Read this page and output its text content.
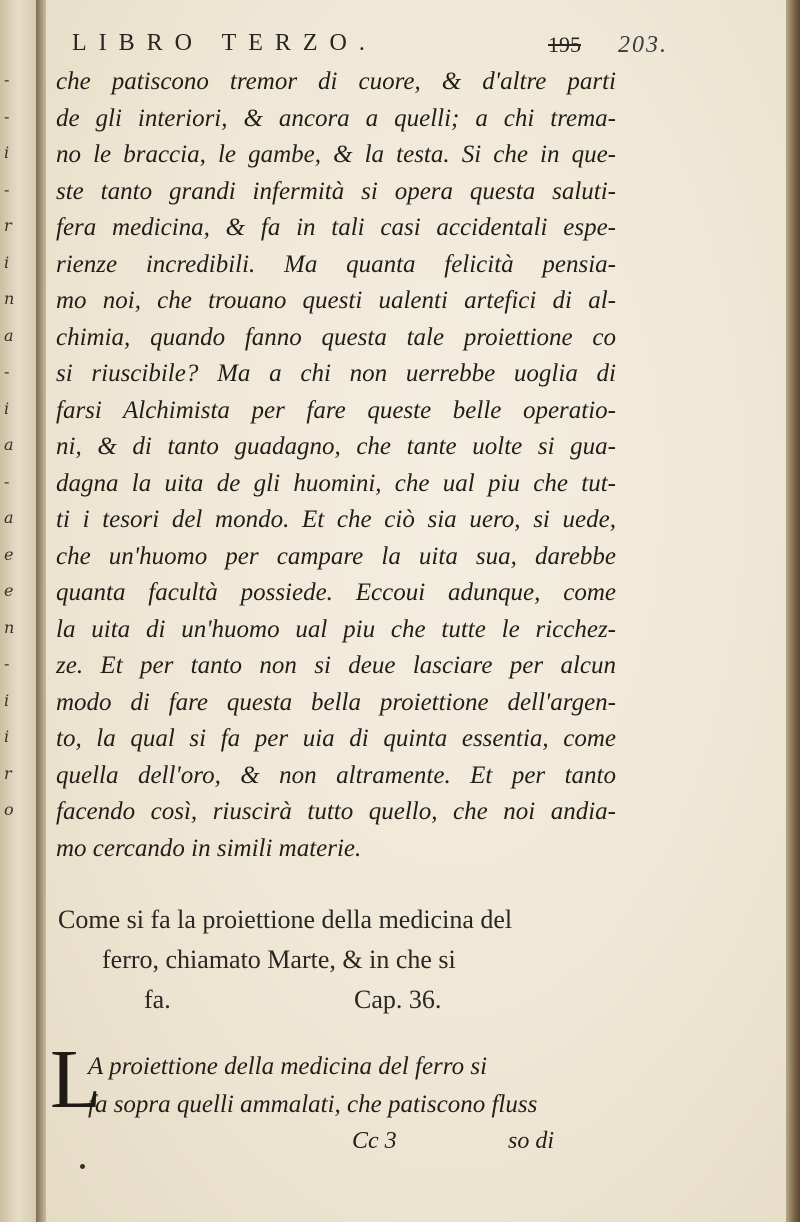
-
-
i
-
r
i
n
a
-
i
a
-
a
e
e
n
-
i
i
r
o
LIBRO TERZO.	195 203.
che patiscono tremor di cuore, & d'altre parti
de gli interiori, & ancora a quelli; a chi trema-
no le braccia, le gambe, & la testa. Si che in que-
ste tanto grandi infermità si opera questa saluti-
fera medicina, & fa in tali casi accidentali espe-
rienze incredibili. Ma quanta felicità pensia-
mo noi, che trouano questi ualenti artefici di al-
chimia, quando fanno questa tale proiettione co
si riuscibile? Ma a chi non uerrebbe uoglia di
farsi Alchimista per fare queste belle operatio-
ni, & di tanto guadagno, che tante uolte si gua-
dagna la uita de gli huomini, che ual piu che tut-
ti i tesori del mondo. Et che ciò sia uero, si uede,
che un'huomo per campare la uita sua, darebbe
quanta facultà possiede. Eccoui adunque, come
la uita di un'huomo ual piu che tutte le ricchez-
ze. Et per tanto non si deue lasciare per alcun
modo di fare questa bella proiettione dell'argen-
to, la qual si fa per uia di quinta essentia, come
quella dell'oro, & non altramente. Et per tanto
facendo così, riuscirà tutto quello, che noi andia-
mo cercando in simili materie.
Come si fa la proiettione della medicina del
ferro, chiamato Marte, & in che si
fa.	Cap. 36.
L
A proiettione della medicina del ferro si
fa sopra quelli ammalati, che patiscono fluss
Cc 3	so di
